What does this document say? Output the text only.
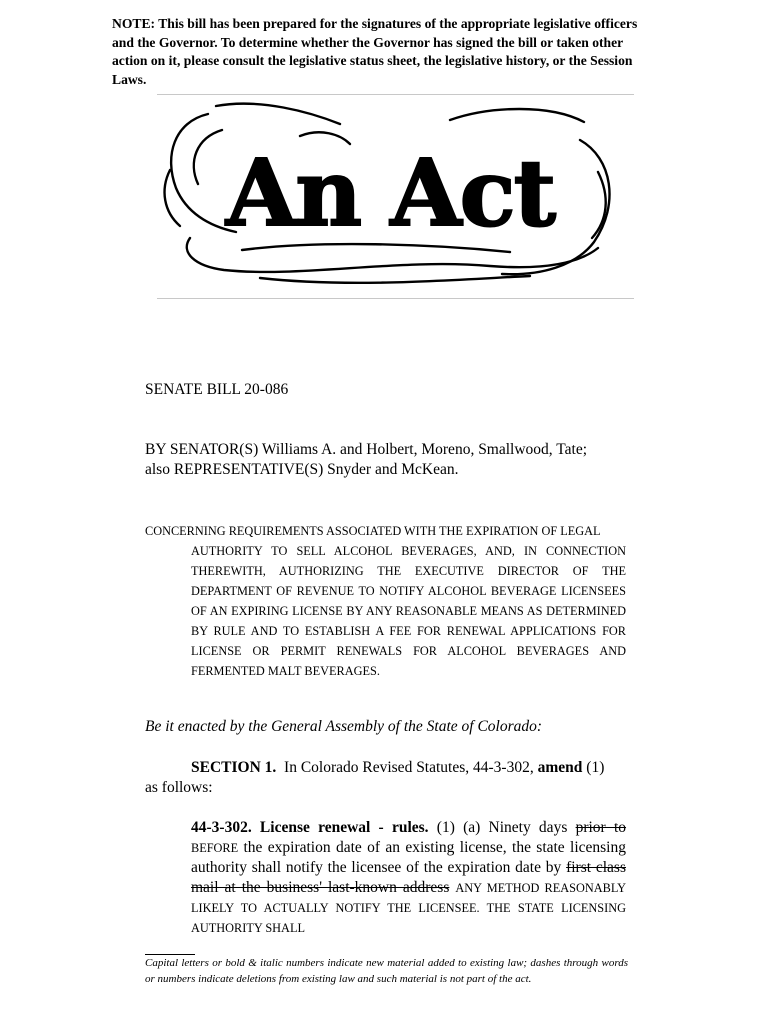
NOTE: This bill has been prepared for the signatures of the appropriate legislative officers and the Governor. To determine whether the Governor has signed the bill or taken other action on it, please consult the legislative status sheet, the legislative history, or the Session Laws.
An Act
SENATE BILL 20-086
BY SENATOR(S) Williams A. and Holbert, Moreno, Smallwood, Tate;
also REPRESENTATIVE(S) Snyder and McKean.
CONCERNING REQUIREMENTS ASSOCIATED WITH THE EXPIRATION OF LEGAL
AUTHORITY TO SELL ALCOHOL BEVERAGES, AND, IN CONNECTION THEREWITH, AUTHORIZING THE EXECUTIVE DIRECTOR OF THE DEPARTMENT OF REVENUE TO NOTIFY ALCOHOL BEVERAGE LICENSEES OF AN EXPIRING LICENSE BY ANY REASONABLE MEANS AS DETERMINED BY RULE AND TO ESTABLISH A FEE FOR RENEWAL APPLICATIONS FOR LICENSE OR PERMIT RENEWALS FOR ALCOHOL BEVERAGES AND FERMENTED MALT BEVERAGES.
Be it enacted by the General Assembly of the State of Colorado:
SECTION 1. In Colorado Revised Statutes, 44-3-302, amend (1)
as follows:
44-3-302. License renewal - rules. (1) (a) Ninety days prior to BEFORE the expiration date of an existing license, the state licensing authority shall notify the licensee of the expiration date by first class mail at the business' last-known address ANY METHOD REASONABLY LIKELY TO ACTUALLY NOTIFY THE LICENSEE. THE STATE LICENSING AUTHORITY SHALL
Capital letters or bold & italic numbers indicate new material added to existing law; dashes through words or numbers indicate deletions from existing law and such material is not part of the act.
